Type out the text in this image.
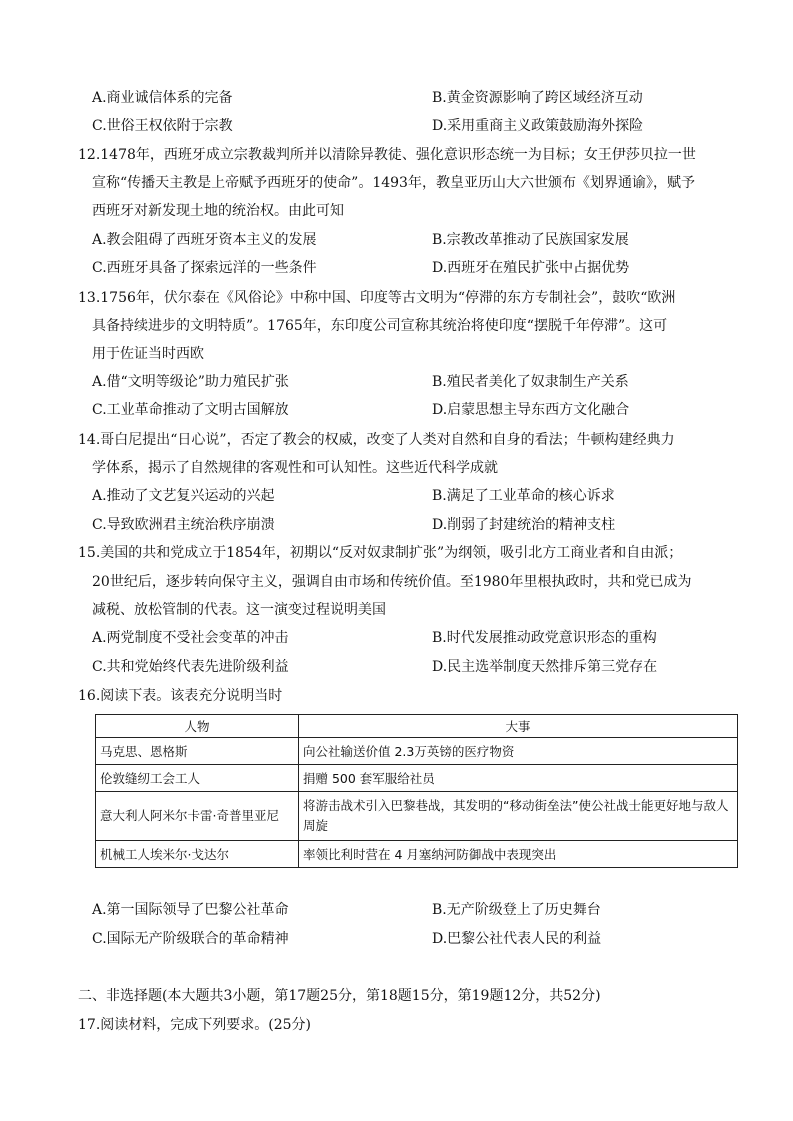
A.商业诚信体系的完备	B.黄金资源影响了跨区域经济互动
C.世俗王权依附于宗教	D.采用重商主义政策鼓励海外探险
12.1478年，西班牙成立宗教裁判所并以清除异教徒、强化意识形态统一为目标；女王伊莎贝拉一世
宣称“传播天主教是上帝赋予西班牙的使命”。1493年，教皇亚历山大六世颁布《划界通谕》，赋予
西班牙对新发现土地的统治权。由此可知
A.教会阻碍了西班牙资本主义的发展	B.宗教改革推动了民族国家发展
C.西班牙具备了探索远洋的一些条件	D.西班牙在殖民扩张中占据优势
13.1756年，伏尔泰在《风俗论》中称中国、印度等古文明为“停滞的东方专制社会”，鼓吹“欧洲
具备持续进步的文明特质”。1765年，东印度公司宣称其统治将使印度“摆脱千年停滞”。这可
用于佐证当时西欧
A.借“文明等级论”助力殖民扩张	B.殖民者美化了奴隶制生产关系
C.工业革命推动了文明古国解放	D.启蒙思想主导东西方文化融合
14.哥白尼提出“日心说”，否定了教会的权威，改变了人类对自然和自身的看法；牛顿构建经典力
学体系，揭示了自然规律的客观性和可认知性。这些近代科学成就
A.推动了文艺复兴运动的兴起	B.满足了工业革命的核心诉求
C.导致欧洲君主统治秩序崩溃	D.削弱了封建统治的精神支柱
15.美国的共和党成立于1854年，初期以“反对奴隶制扩张”为纲领，吸引北方工商业者和自由派；
20世纪后，逐步转向保守主义，强调自由市场和传统价值。至1980年里根执政时，共和党已成为
减税、放松管制的代表。这一演变过程说明美国
A.两党制度不受社会变革的冲击	B.时代发展推动政党意识形态的重构
C.共和党始终代表先进阶级利益	D.民主选举制度天然排斥第三党存在
16.阅读下表。该表充分说明当时
人物	大事
马克思、恩格斯	向公社输送价值 2.3万英镑的医疗物资
伦敦缝纫工会工人	捐赠 500 套军服给社员
意大利人阿米尔卡雷·奇普里亚尼	将游击战术引入巴黎巷战，其发明的“移动街垒法”使公社战士能更好地与敌人周旋
机械工人埃米尔·戈达尔	率领比利时营在 4 月塞纳河防御战中表现突出
A.第一国际领导了巴黎公社革命	B.无产阶级登上了历史舞台
C.国际无产阶级联合的革命精神	D.巴黎公社代表人民的利益
二、非选择题(本大题共3小题，第17题25分，第18题15分，第19题12分，共52分)
17.阅读材料，完成下列要求。(25分)
